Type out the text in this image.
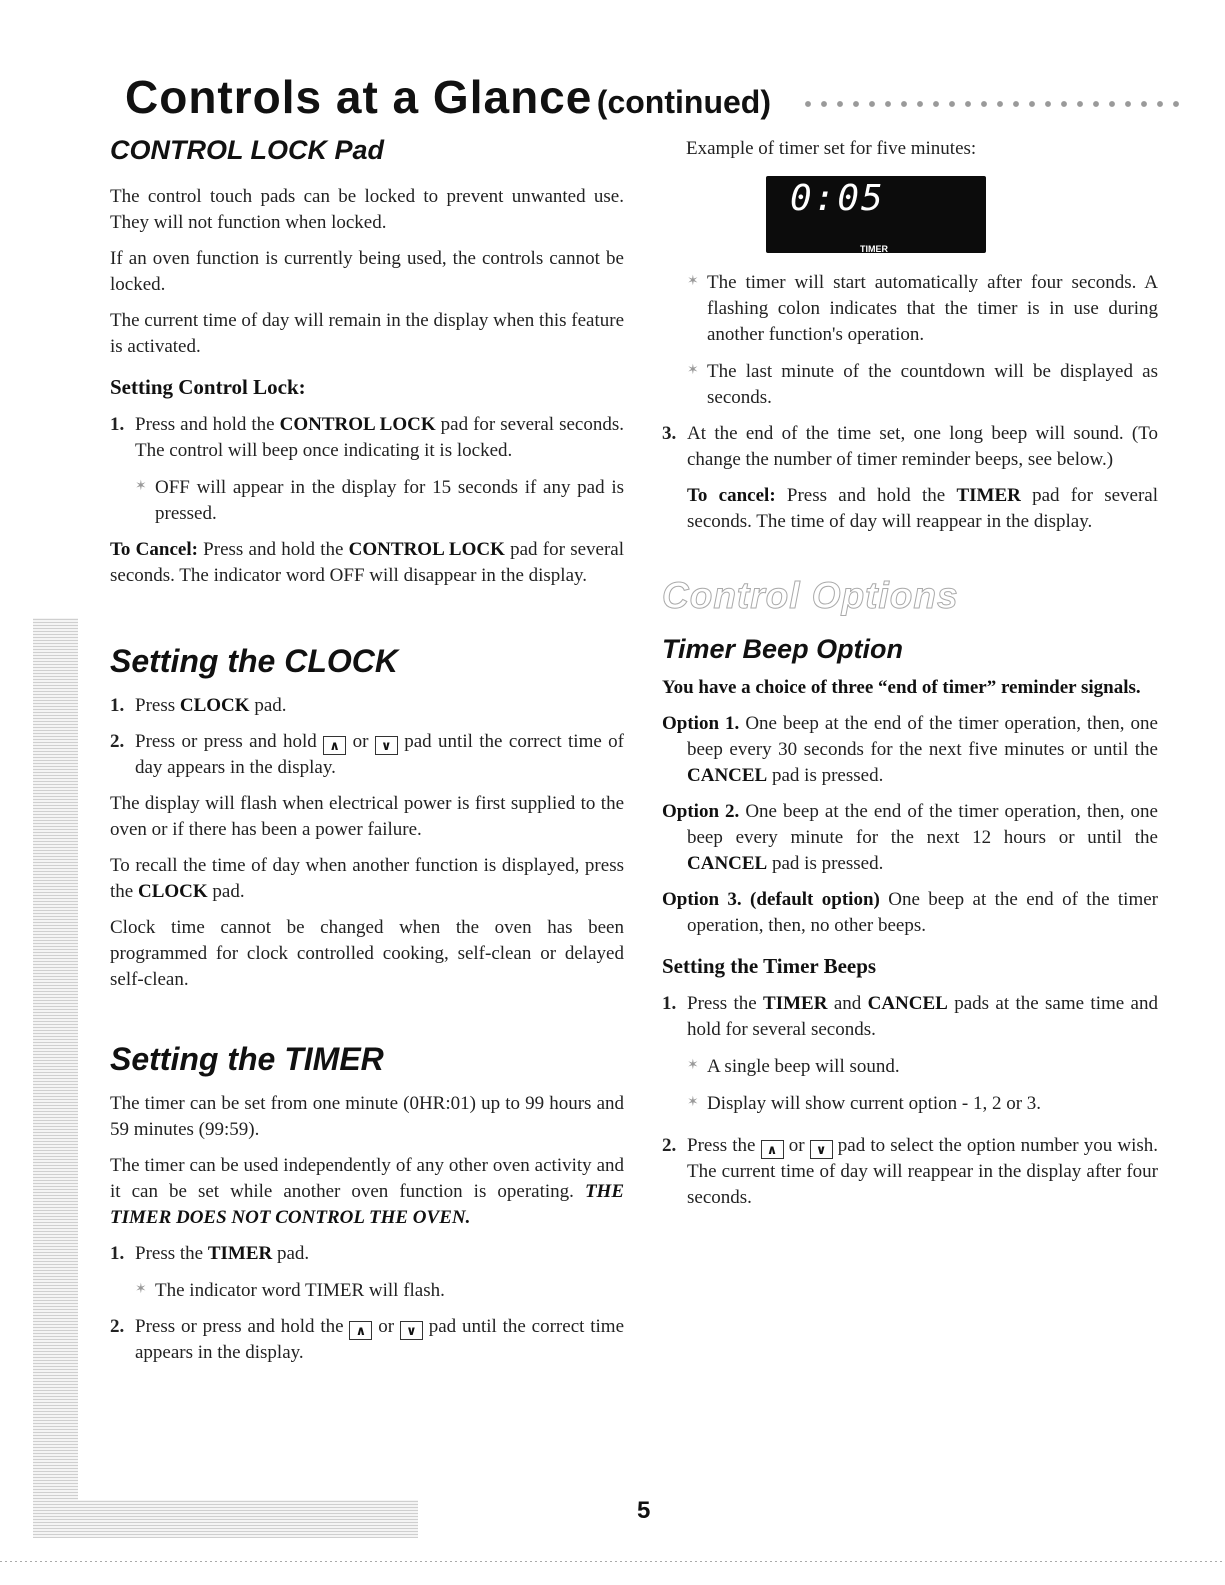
Controls at a Glance (continued)
CONTROL LOCK Pad

The control touch pads can be locked to prevent unwanted use. They will not function when locked.

If an oven function is currently being used, the controls cannot be locked.

The current time of day will remain in the display when this feature is activated.

Setting Control Lock:

1. Press and hold the CONTROL LOCK pad for several seconds. The control will beep once indicating it is locked.

✶ OFF will appear in the display for 15 seconds if any pad is pressed.

To Cancel: Press and hold the CONTROL LOCK pad for several seconds. The indicator word OFF will disappear in the display.

Setting the CLOCK

1. Press CLOCK pad.

2. Press or press and hold ∧ or ∨ pad until the correct time of day appears in the display.

The display will flash when electrical power is first supplied to the oven or if there has been a power failure.

To recall the time of day when another function is displayed, press the CLOCK pad.

Clock time cannot be changed when the oven has been programmed for clock controlled cooking, self-clean or delayed self-clean.

Setting the TIMER

The timer can be set from one minute (0HR:01) up to 99 hours and 59 minutes (99:59).

The timer can be used independently of any other oven activity and it can be set while another oven function is operating. THE TIMER DOES NOT CONTROL THE OVEN.

1. Press the TIMER pad.

✶ The indicator word TIMER will flash.

2. Press or press and hold the ∧ or ∨ pad until the correct time appears in the display.

Example of timer set for five minutes:

0:05
TIMER

✶ The timer will start automatically after four seconds. A flashing colon indicates that the timer is in use during another function's operation.

✶ The last minute of the countdown will be displayed as seconds.

3. At the end of the time set, one long beep will sound. (To change the number of timer reminder beeps, see below.)

To cancel: Press and hold the TIMER pad for several seconds. The time of day will reappear in the display.

Control Options
Timer Beep Option

You have a choice of three “end of timer” reminder signals.

Option 1. One beep at the end of the timer operation, then, one beep every 30 seconds for the next five minutes or until the CANCEL pad is pressed.

Option 2. One beep at the end of the timer operation, then, one beep every minute for the next 12 hours or until the CANCEL pad is pressed.

Option 3. (default option) One beep at the end of the timer operation, then, no other beeps.

Setting the Timer Beeps

1. Press the TIMER and CANCEL pads at the same time and hold for several seconds.

✶ A single beep will sound.

✶ Display will show current option - 1, 2 or 3.

2. Press the ∧ or ∨ pad to select the option number you wish. The current time of day will reappear in the display after four seconds.

5
